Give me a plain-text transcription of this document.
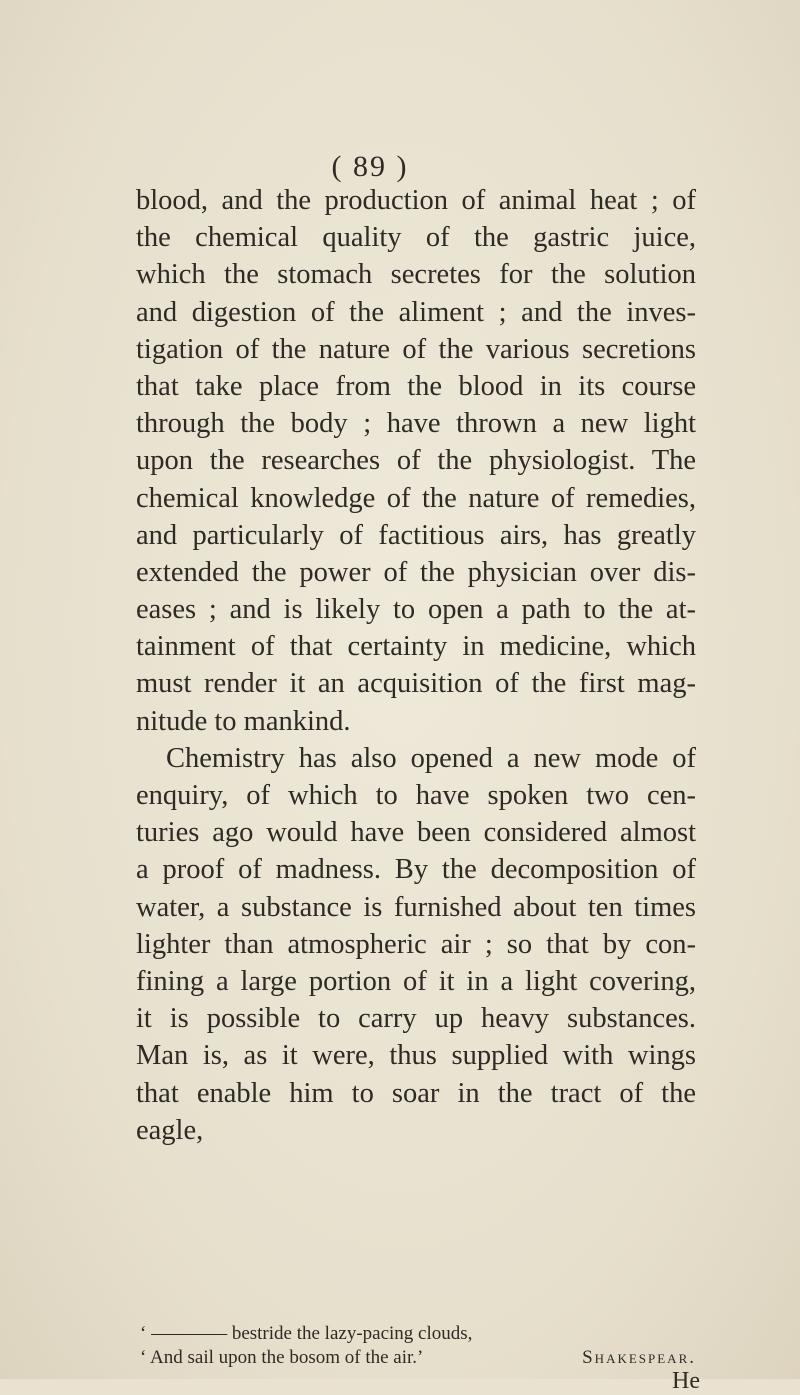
( 89 )
blood, and the production of animal heat ; of
the chemical quality of the gastric juice,
which the stomach secretes for the solution
and digestion of the aliment ; and the inves-
tigation of the nature of the various secretions
that take place from the blood in its course
through the body ; have thrown a new light
upon the researches of the physiologist. The
chemical knowledge of the nature of remedies,
and particularly of factitious airs, has greatly
extended the power of the physician over dis-
eases ; and is likely to open a path to the at-
tainment of that certainty in medicine, which
must render it an acquisition of the first mag-
nitude to mankind.
Chemistry has also opened a new mode of
enquiry, of which to have spoken two cen-
turies ago would have been considered almost
a proof of madness. By the decomposition of
water, a substance is furnished about ten times
lighter than atmospheric air ; so that by con-
fining a large portion of it in a light covering,
it is possible to carry up heavy substances.
Man is, as it were, thus supplied with wings
that enable him to soar in the tract of the
eagle,
‘ ———— bestride the lazy-pacing clouds,
‘ And sail upon the bosom of the air.’	Shakespear.
He
